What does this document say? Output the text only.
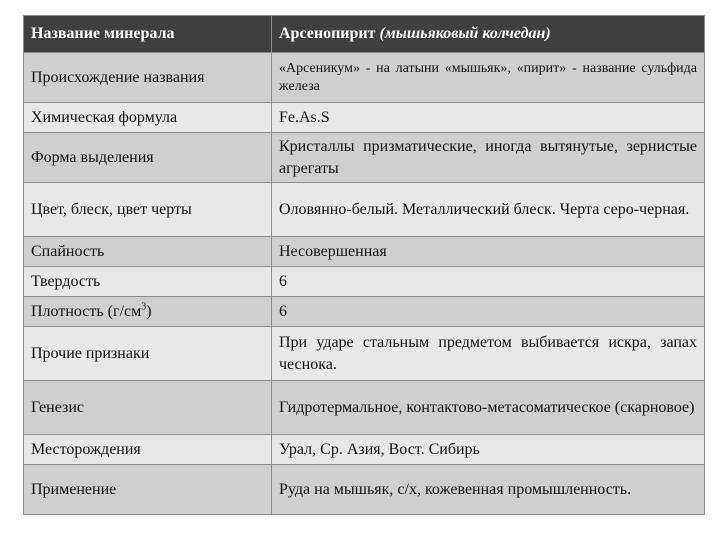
Название минерала	Арсенопирит (мышьяковый колчедан)
Происхождение названия	«Арсеникум» - на латыни «мышьяк», «пирит» - название сульфида железа
Химическая формула	Fe.As.S
Форма выделения	Кристаллы призматические, иногда вытянутые, зернистые агрегаты
Цвет, блеск, цвет черты	Оловянно-белый. Металлический блеск. Черта серо-черная.
Спайность	Несовершенная
Твердость	6
Плотность $(г/см^3)$	6
Прочие признаки	При ударе стальным предметом выбивается искра, запах чеснока.
Генезис	Гидротермальное, контактово-метасоматическое (скарновое)
Месторождения	Урал, Ср. Азия, Вост. Сибирь
Применение	Руда на мышьяк, с/х, кожевенная промышленность.
